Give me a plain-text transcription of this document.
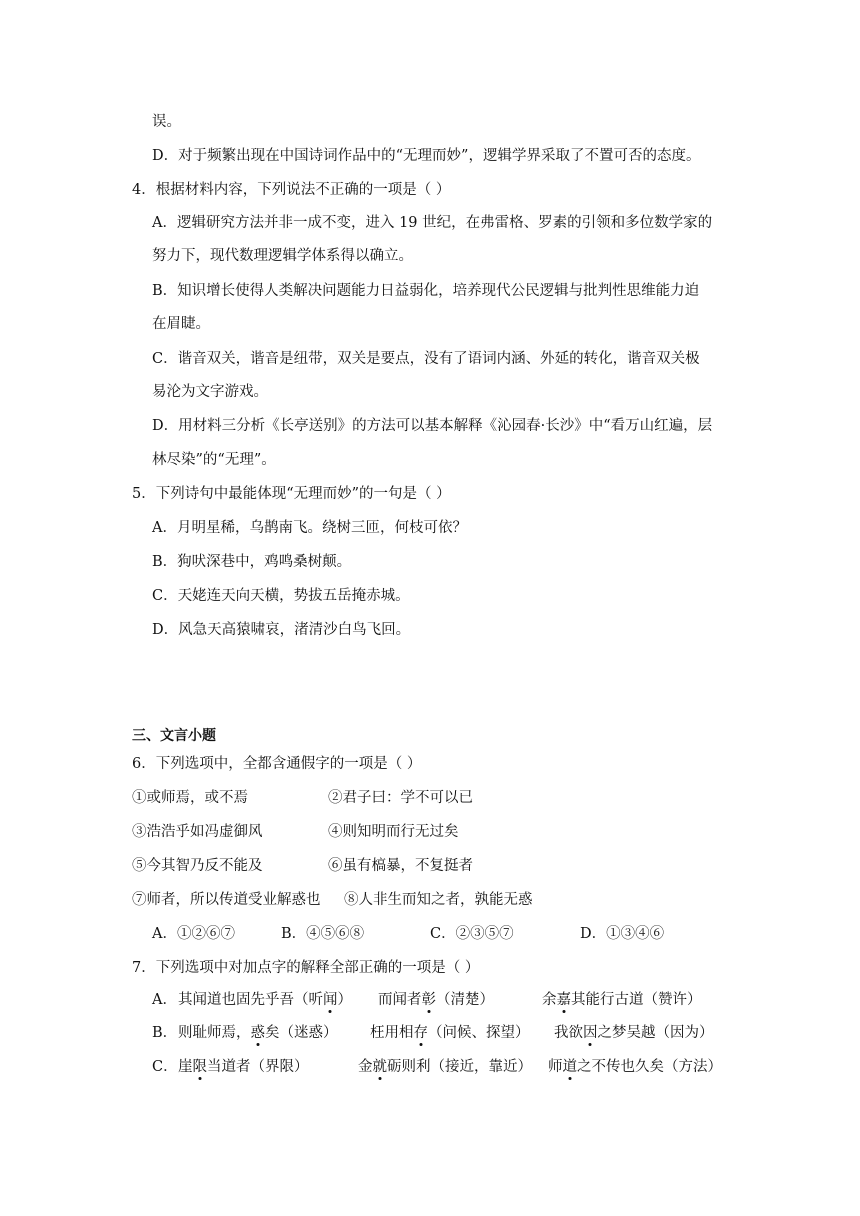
误。
D．对于频繁出现在中国诗词作品中的“无理而妙”，逻辑学界采取了不置可否的态度。
4．根据材料内容，下列说法不正确的一项是（ ）
A．逻辑研究方法并非一成不变，进入 19 世纪，在弗雷格、罗素的引领和多位数学家的
努力下，现代数理逻辑学体系得以确立。
B．知识增长使得人类解决问题能力日益弱化，培养现代公民逻辑与批判性思维能力迫
在眉睫。
C．谐音双关，谐音是纽带，双关是要点，没有了语词内涵、外延的转化，谐音双关极
易沦为文字游戏。
D．用材料三分析《长亭送别》的方法可以基本解释《沁园春·长沙》中“看万山红遍，层
林尽染”的“无理”。
5．下列诗句中最能体现“无理而妙”的一句是（ ）
A．月明星稀，乌鹊南飞。绕树三匝，何枝可依？
B．狗吠深巷中，鸡鸣桑树颠。
C．天姥连天向天横，势拔五岳掩赤城。
D．风急天高猿啸哀，渚清沙白鸟飞回。
三、文言小题
6．下列选项中，全都含通假字的一项是（ ）
①或师焉，或不焉	②君子曰：学不可以已
③浩浩乎如冯虚御风	④则知明而行无过矣
⑤今其智乃反不能及	⑥虽有槁暴，不复挺者
⑦师者，所以传道受业解惑也 ⑧人非生而知之者，孰能无惑
A．①②⑥⑦	B．④⑤⑥⑧	C．②③⑤⑦	D．①③④⑥
7．下列选项中对加点字的解释全部正确的一项是（ ）
A． 其闻道也固先乎吾（听闻） 而闻者彰（清楚）	余嘉其能行古道（赞许）
B． 则耻师焉，惑矣（迷惑） 枉用相存（问候、探望） 我欲因之梦吴越（因为）
C． 崖限当道者（界限）	金就砺则利（接近，靠近） 师道之不传也久矣（方法）
